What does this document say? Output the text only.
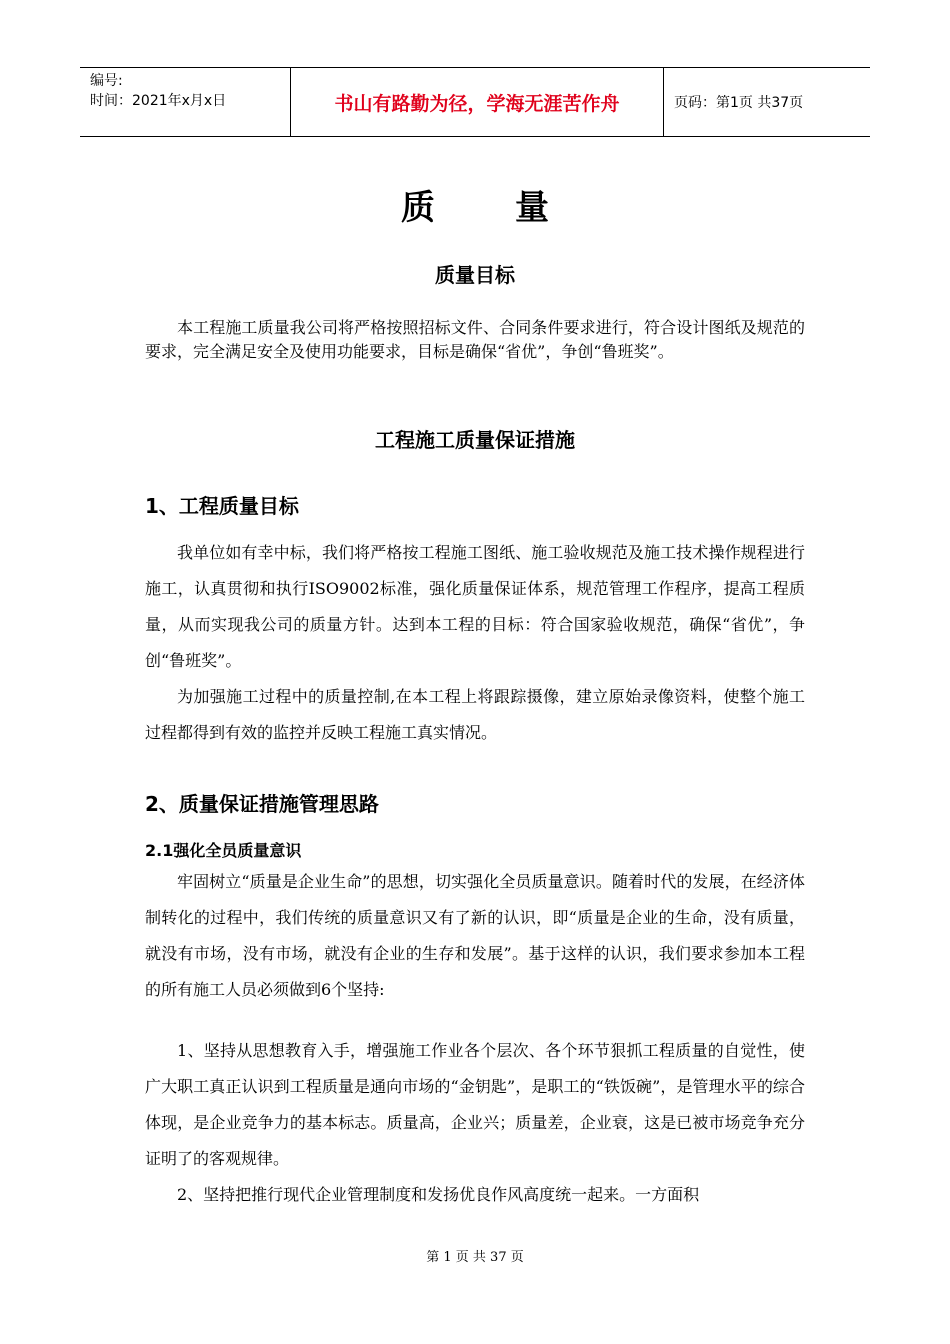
编号:
时间：2021年x月x日	书山有路勤为径，学海无涯苦作舟	页码：第1页 共37页
质 量
质量目标
本工程施工质量我公司将严格按照招标文件、合同条件要求进行，符合设计图纸及规范的要求，完全满足安全及使用功能要求，目标是确保“省优”，争创“鲁班奖”。
工程施工质量保证措施
1、工程质量目标
我单位如有幸中标，我们将严格按工程施工图纸、施工验收规范及施工技术操作规程进行施工，认真贯彻和执行ISO9002标准，强化质量保证体系，规范管理工作程序，提高工程质量，从而实现我公司的质量方针。达到本工程的目标：符合国家验收规范，确保“省优”，争创“鲁班奖”。
为加强施工过程中的质量控制,在本工程上将跟踪摄像，建立原始录像资料，使整个施工过程都得到有效的监控并反映工程施工真实情况。
2、质量保证措施管理思路
2.1强化全员质量意识
牢固树立“质量是企业生命”的思想，切实强化全员质量意识。随着时代的发展，在经济体制转化的过程中，我们传统的质量意识又有了新的认识，即“质量是企业的生命，没有质量，就没有市场，没有市场，就没有企业的生存和发展”。基于这样的认识，我们要求参加本工程的所有施工人员必须做到6个坚持:
1、坚持从思想教育入手，增强施工作业各个层次、各个环节狠抓工程质量的自觉性，使广大职工真正认识到工程质量是通向市场的“金钥匙”，是职工的“铁饭碗”，是管理水平的综合体现，是企业竞争力的基本标志。质量高，企业兴；质量差，企业衰，这是已被市场竞争充分证明了的客观规律。
2、坚持把推行现代企业管理制度和发扬优良作风高度统一起来。一方面积
第 1 页 共 37 页
